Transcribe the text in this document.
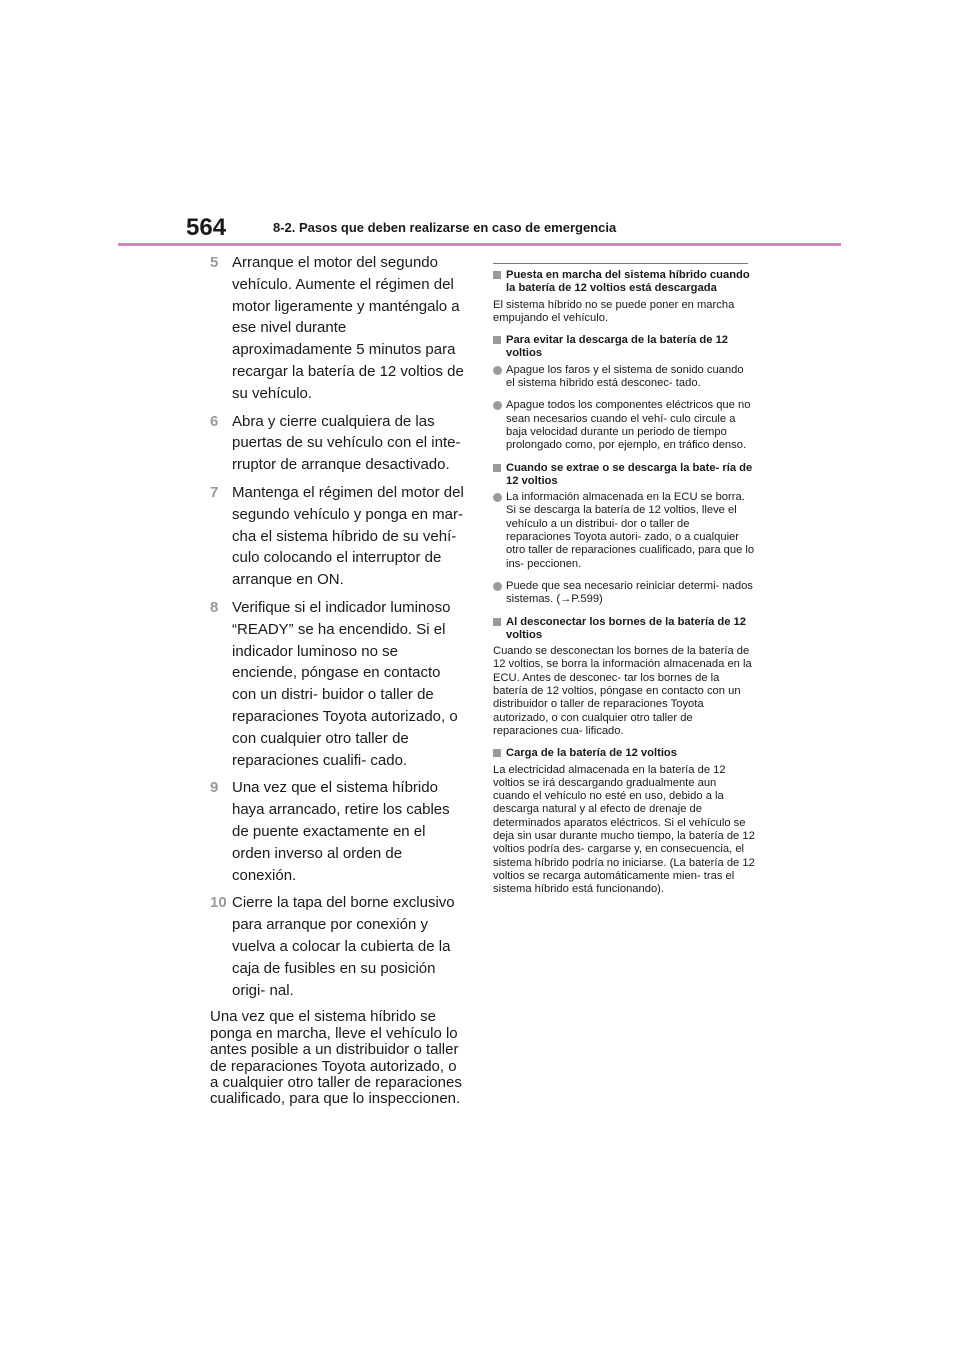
564	8-2. Pasos que deben realizarse en caso de emergencia
5 Arranque el motor del segundo vehículo. Aumente el régimen del motor ligeramente y manténgalo a ese nivel durante aproximadamente 5 minutos para recargar la batería de 12 voltios de su vehículo.
6 Abra y cierre cualquiera de las puertas de su vehículo con el inte- rruptor de arranque desactivado.
7 Mantenga el régimen del motor del segundo vehículo y ponga en mar- cha el sistema híbrido de su vehí- culo colocando el interruptor de arranque en ON.
8 Verifique si el indicador luminoso “READY” se ha encendido. Si el indicador luminoso no se enciende, póngase en contacto con un distri- buidor o taller de reparaciones Toyota autorizado, o con cualquier otro taller de reparaciones cualifi- cado.
9 Una vez que el sistema híbrido haya arrancado, retire los cables de puente exactamente en el orden inverso al orden de conexión.
10 Cierre la tapa del borne exclusivo para arranque por conexión y vuelva a colocar la cubierta de la caja de fusibles en su posición origi- nal.

Una vez que el sistema híbrido se ponga en marcha, lleve el vehículo lo antes posible a un distribuidor o taller de reparaciones Toyota autorizado, o a cualquier otro taller de reparaciones cualificado, para que lo inspeccionen.

Puesta en marcha del sistema híbrido cuando la batería de 12 voltios está descargada

El sistema híbrido no se puede poner en marcha empujando el vehículo.

Para evitar la descarga de la batería de 12 voltios
Apague los faros y el sistema de sonido cuando el sistema híbrido está desconec- tado.
Apague todos los componentes eléctricos que no sean necesarios cuando el vehí- culo circule a baja velocidad durante un periodo de tiempo prolongado como, por ejemplo, en tráfico denso.
Cuando se extrae o se descarga la bate- ría de 12 voltios
La información almacenada en la ECU se borra. Si se descarga la batería de 12 voltios, lleve el vehículo a un distribui- dor o taller de reparaciones Toyota autori- zado, o a cualquier otro taller de reparaciones cualificado, para que lo ins- peccionen.
Puede que sea necesario reiniciar determi- nados sistemas. (→P.599)
Al desconectar los bornes de la batería de 12 voltios

Cuando se desconectan los bornes de la batería de 12 voltios, se borra la información almacenada en la ECU. Antes de desconec- tar los bornes de la batería de 12 voltios, póngase en contacto con un distribuidor o taller de reparaciones Toyota autorizado, o con cualquier otro taller de reparaciones cua- lificado.

Carga de la batería de 12 voltios

La electricidad almacenada en la batería de 12 voltios se irá descargando gradualmente aun cuando el vehículo no esté en uso, debido a la descarga natural y al efecto de drenaje de determinados aparatos eléctricos. Si el vehículo se deja sin usar durante mucho tiempo, la batería de 12 voltios podría des- cargarse y, en consecuencia, el sistema híbrido podría no iniciarse. (La batería de 12 voltios se recarga automáticamente mien- tras el sistema híbrido está funcionando).
